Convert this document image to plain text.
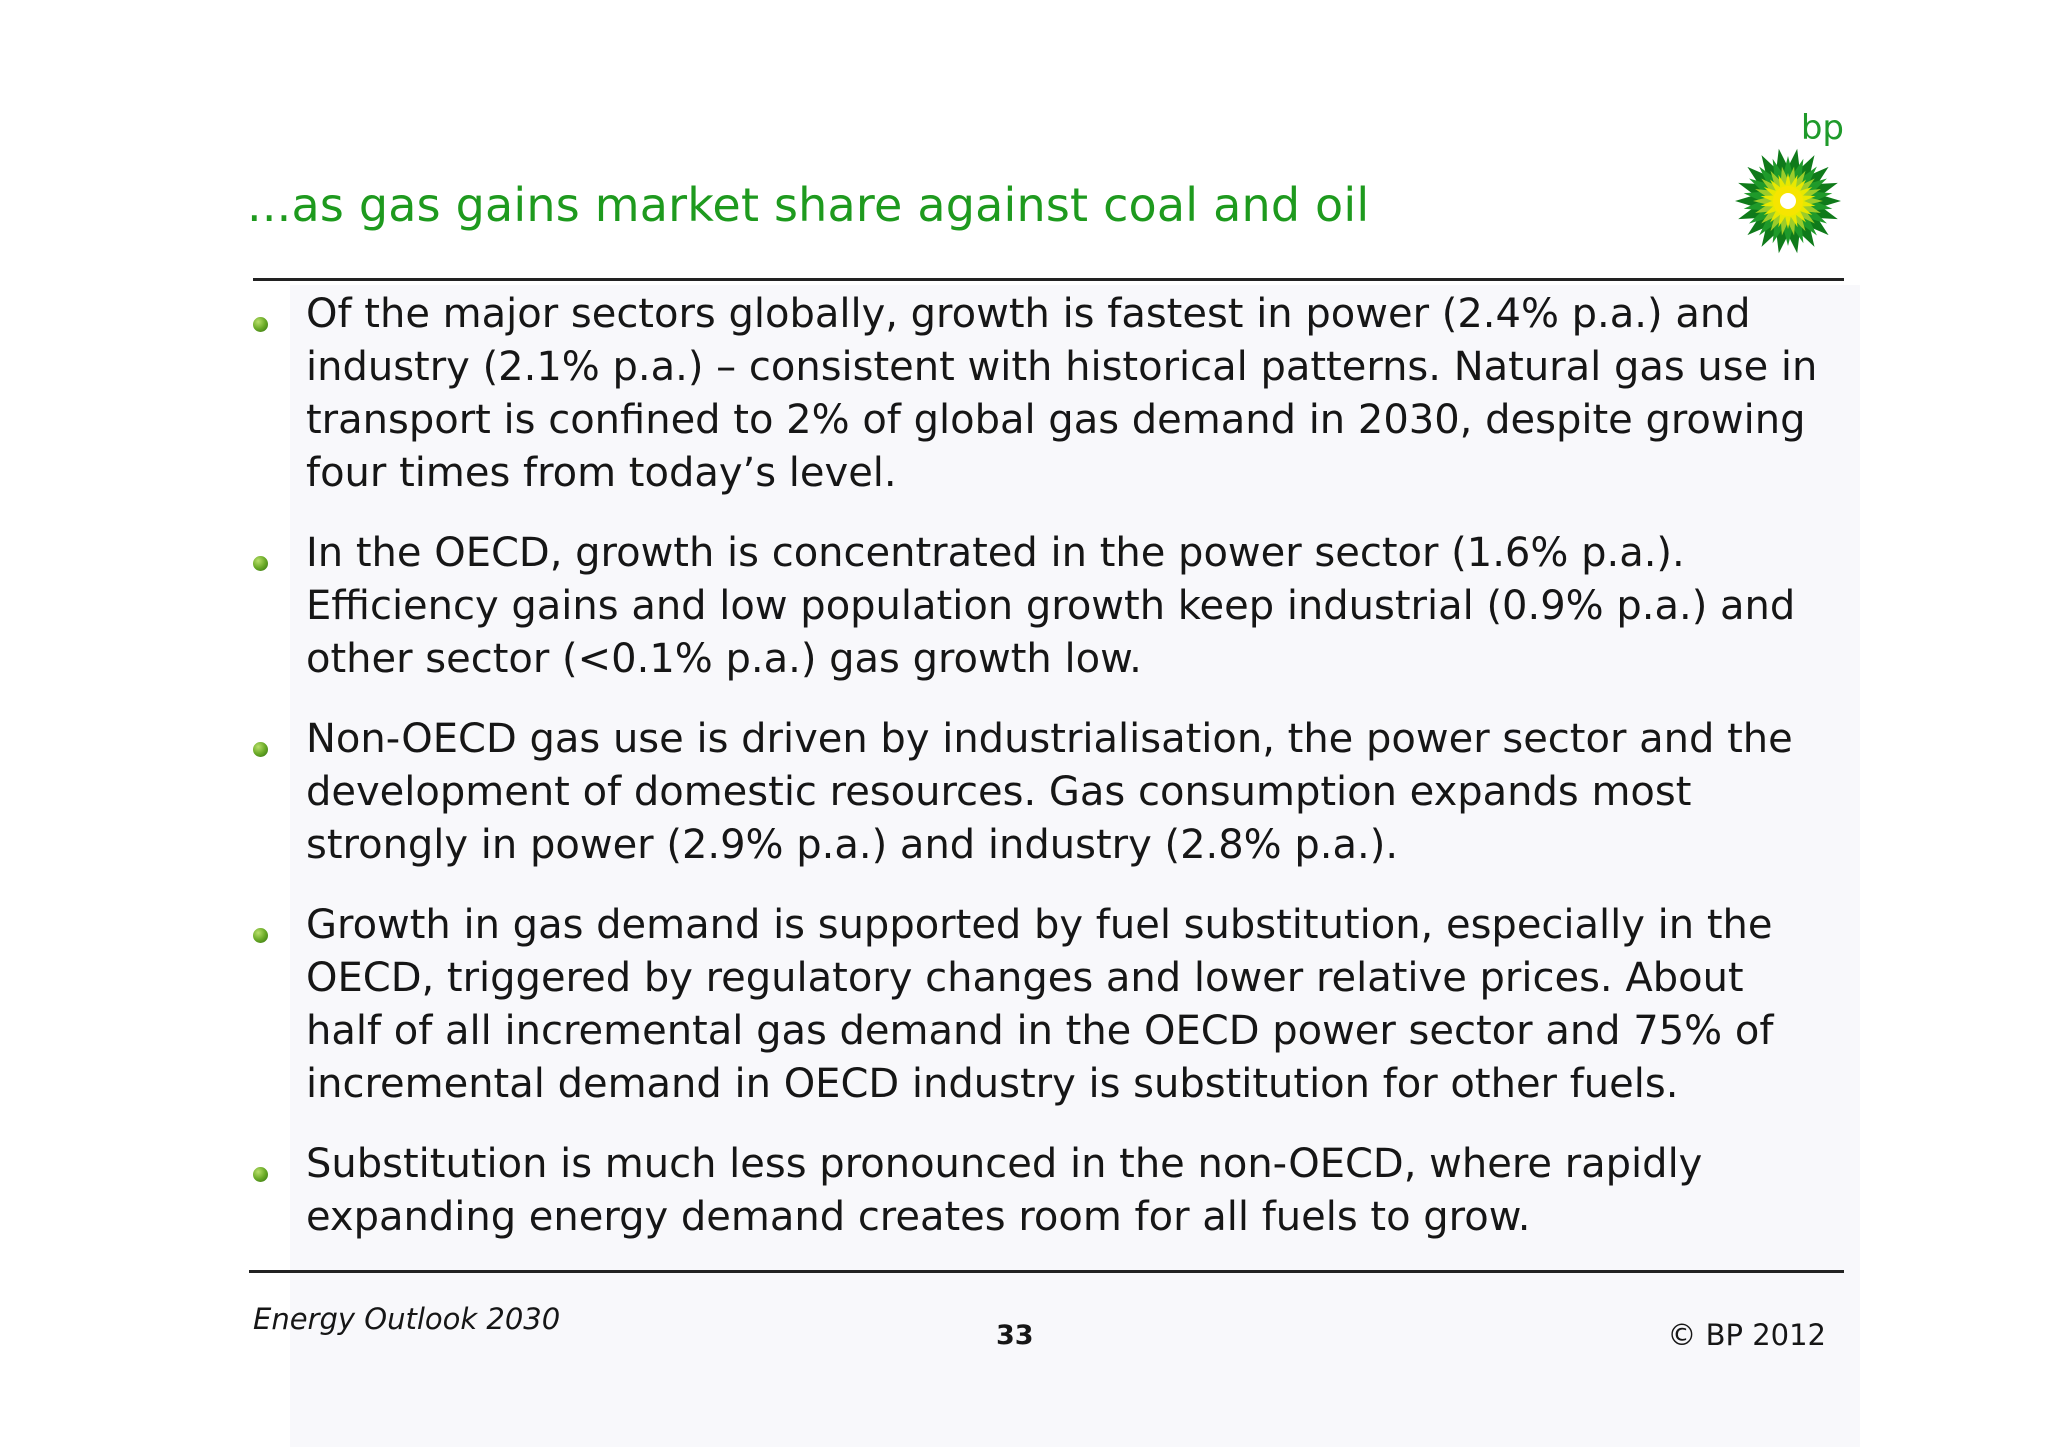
...as gas gains market share against coal and oil
bp
Of the major sectors globally, growth is fastest in power (2.4% p.a.) and industry (2.1% p.a.) – consistent with historical patterns. Natural gas use in transport is confined to 2% of global gas demand in 2030, despite growing four times from today’s level.
In the OECD, growth is concentrated in the power sector (1.6% p.a.). Efficiency gains and low population growth keep industrial (0.9% p.a.) and other sector (<0.1% p.a.) gas growth low.
Non-OECD gas use is driven by industrialisation, the power sector and the development of domestic resources. Gas consumption expands most strongly in power (2.9% p.a.) and industry (2.8% p.a.).
Growth in gas demand is supported by fuel substitution, especially in the OECD, triggered by regulatory changes and lower relative prices. About half of all incremental gas demand in the OECD power sector and 75% of incremental demand in OECD industry is substitution for other fuels.
Substitution is much less pronounced in the non-OECD, where rapidly expanding energy demand creates room for all fuels to grow.
Energy Outlook 2030	33	© BP 2012
